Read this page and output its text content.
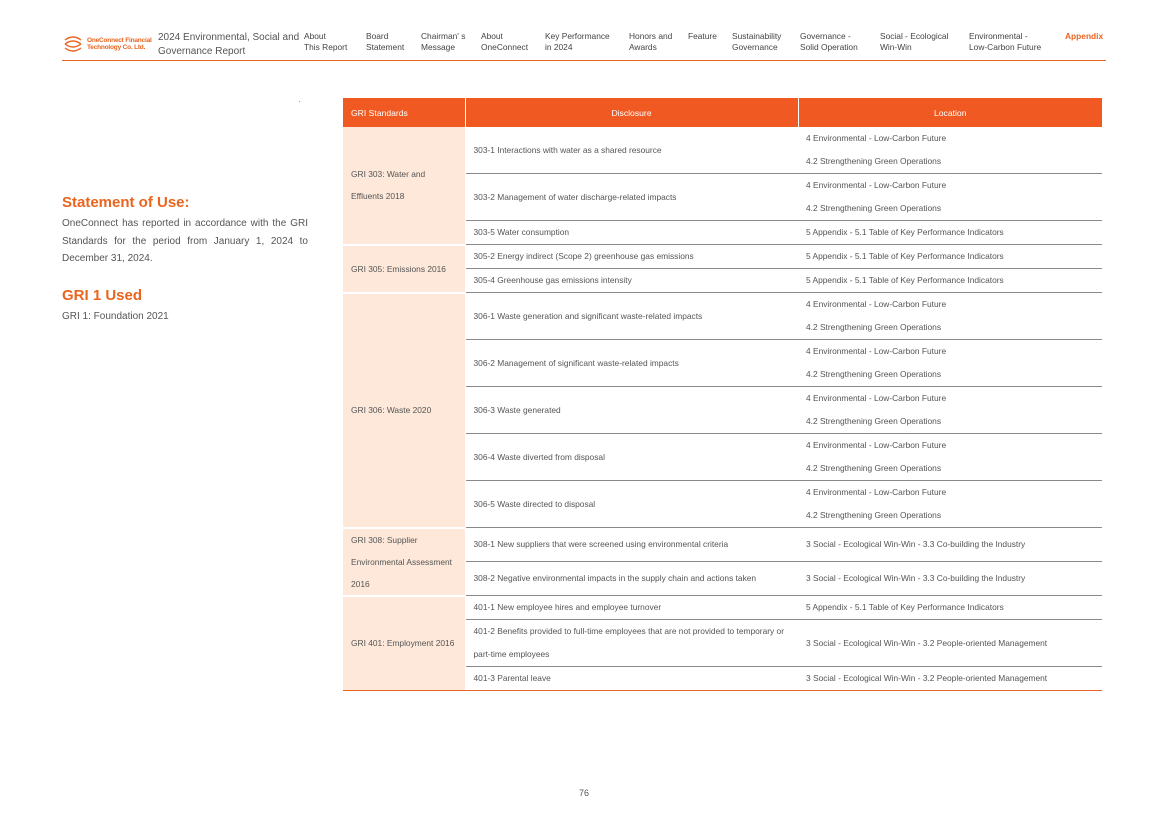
OneConnect Financial
Technology Co. Ltd.
2024 Environmental, Social and Governance Report
About
This Report
Board
Statement
Chairman' s
Message
About
OneConnect
Key Performance
in 2024
Honors and
Awards
Feature Sustainability
Governance
Governance -
Solid Operation
Social - Ecological
Win-Win
Environmental -
Low-Carbon Future
Appendix
Statement of Use:
OneConnect has reported in accordance with the GRI Standards for the period from January 1, 2024 to December 31, 2024.
GRI 1 Used
GRI 1: Foundation 2021
GRI Standards	Disclosure	Location
GRI 303: Water and Effluents 2018	303-1 Interactions with water as a shared resource	4 Environmental - Low-Carbon Future
4.2 Strengthening Green Operations

	303-2 Management of water discharge-related impacts	4 Environmental - Low-Carbon Future
4.2 Strengthening Green Operations

	303-5 Water consumption	5 Appendix - 5.1 Table of Key Performance Indicators

GRI 305: Emissions 2016	305-2 Energy indirect (Scope 2) greenhouse gas emissions	5 Appendix - 5.1 Table of Key Performance Indicators

	305-4 Greenhouse gas emissions intensity	5 Appendix - 5.1 Table of Key Performance Indicators

GRI 306: Waste 2020	306-1 Waste generation and significant waste-related impacts	4 Environmental - Low-Carbon Future
4.2 Strengthening Green Operations

	306-2 Management of significant waste-related impacts	4 Environmental - Low-Carbon Future
4.2 Strengthening Green Operations

	306-3 Waste generated	4 Environmental - Low-Carbon Future
4.2 Strengthening Green Operations

	306-4 Waste diverted from disposal	4 Environmental - Low-Carbon Future
4.2 Strengthening Green Operations

	306-5 Waste directed to disposal	4 Environmental - Low-Carbon Future
4.2 Strengthening Green Operations

GRI 308: Supplier Environmental Assessment 2016	308-1 New suppliers that were screened using environmental criteria	3 Social - Ecological Win-Win - 3.3 Co-building the Industry

	308-2 Negative environmental impacts in the supply chain and actions taken	3 Social - Ecological Win-Win - 3.3 Co-building the Industry

GRI 401: Employment 2016	401-1 New employee hires and employee turnover	5 Appendix - 5.1 Table of Key Performance Indicators

	401-2 Benefits provided to full-time employees that are not provided to temporary or part-time employees	3 Social - Ecological Win-Win - 3.2 People-oriented Management

	401-3 Parental leave	3 Social - Ecological Win-Win - 3.2 People-oriented Management
76
